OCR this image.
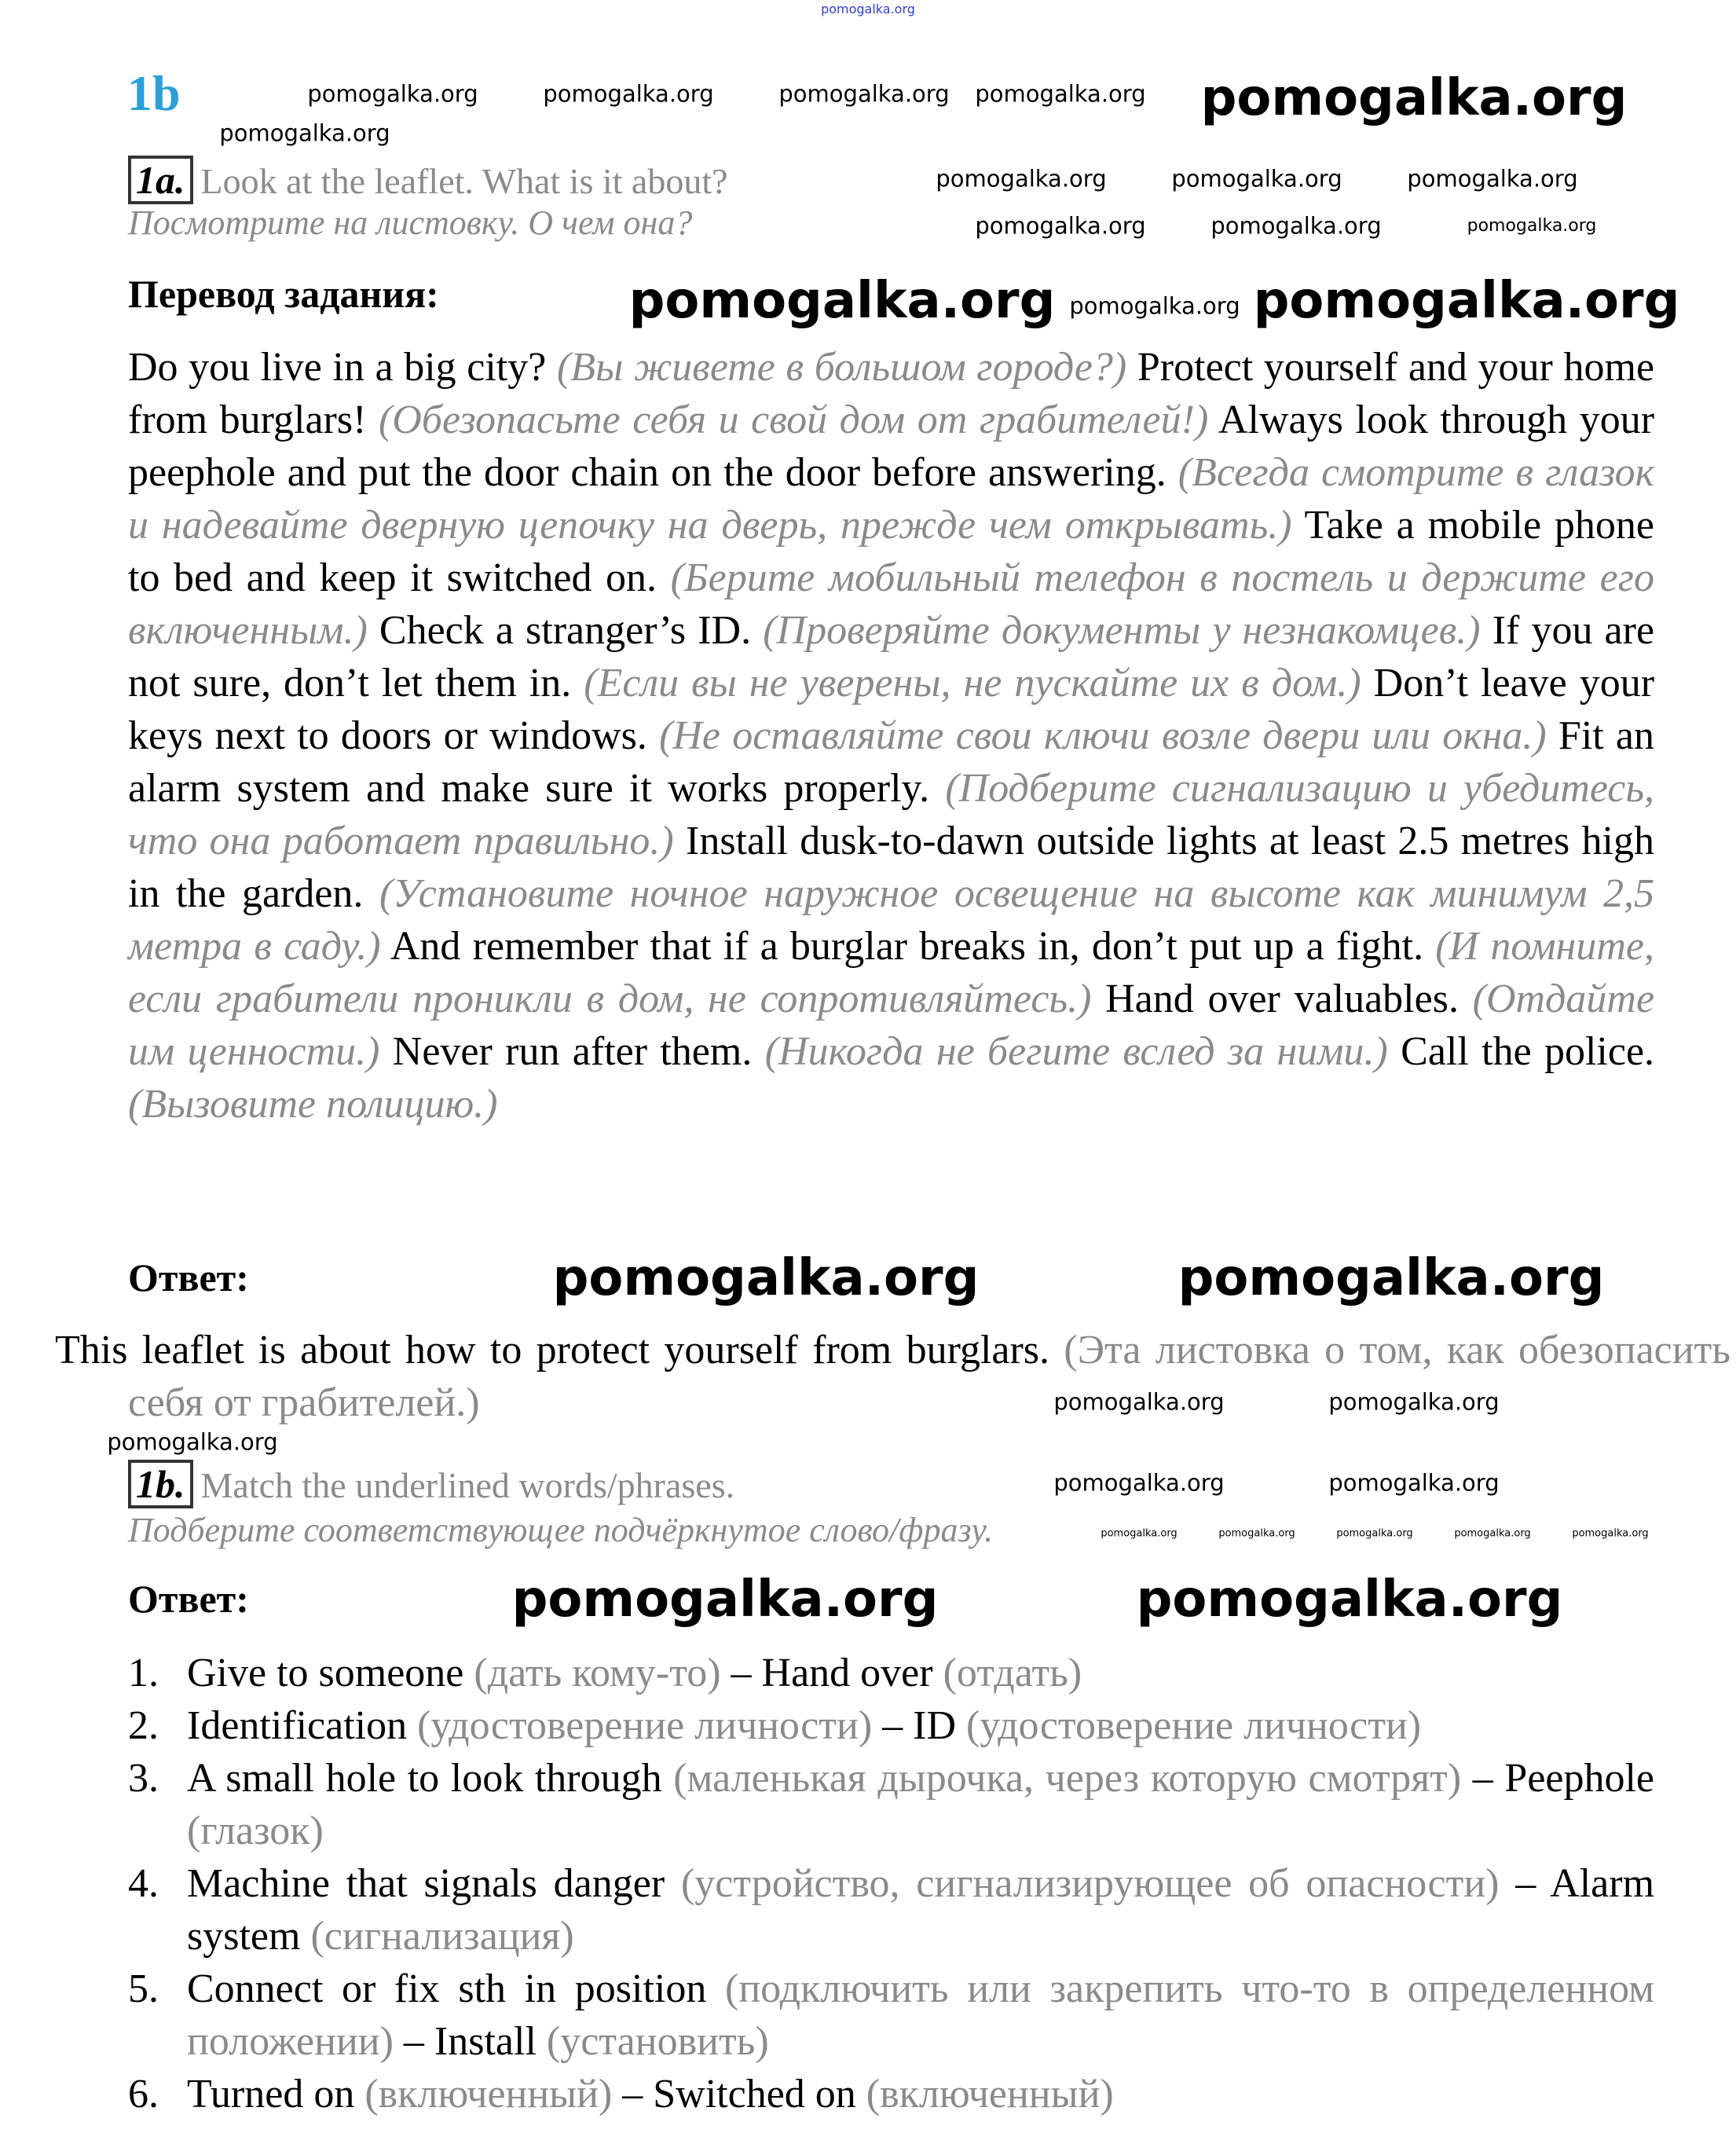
pomogalka.org
1b
1a. Look at the leaflet. What is it about?
Посмотрите на листовку. О чем она?
Перевод задания:
Do you live in a big city? (Вы живете в большом городе?) Protect yourself and your home from burglars! (Обезопасьте себя и свой дом от грабителей!) Always look through your peephole and put the door chain on the door before answering. (Всегда смотрите в глазок и надевайте дверную цепочку на дверь, прежде чем открывать.) Take a mobile phone to bed and keep it switched on. (Берите мобильный телефон в постель и держите его включенным.) Check a stranger’s ID. (Проверяйте документы у незнакомцев.) If you are not sure, don’t let them in. (Если вы не уверены, не пускайте их в дом.) Don’t leave your keys next to doors or windows. (Не оставляйте свои ключи возле двери или окна.) Fit an alarm system and make sure it works properly. (Подберите сигнализацию и убедитесь, что она работает правильно.) Install dusk-to-dawn outside lights at least 2.5 metres high in the garden. (Установите ночное наружное освещение на высоте как минимум 2,5 метра в саду.) And remember that if a burglar breaks in, don’t put up a fight. (И помните, если грабители проникли в дом, не сопротивляйтесь.) Hand over valuables. (Отдайте им ценности.) Never run after them. (Никогда не бегите вслед за ними.) Call the police. (Вызовите полицию.)
Ответ:
This leaflet is about how to protect yourself from burglars. (Эта листовка о том, как обезопасить себя от грабителей.)
1b. Match the underlined words/phrases.
Подберите соответствующее подчёркнутое слово/фразу.
Ответ:
1. Give to someone (дать кому-то) – Hand over (отдать)
2. Identification (удостоверение личности) – ID (удостоверение личности)
3. A small hole to look through (маленькая дырочка, через которую смотрят) – Peephole (глазок)
4. Machine that signals danger (устройство, сигнализирующее об опасности) – Alarm system (сигнализация)
5. Connect or fix sth in position (подключить или закрепить что-то в определенном положении) – Install (установить)
6. Turned on (включенный) – Switched on (включенный)
pomogalka.org	pomogalka.org	pomogalka.org pomogalka.org pomogalka.org
pomogalka.org
pomogalka.org	pomogalka.org	pomogalka.org
pomogalka.org	pomogalka.org	pomogalka.org
pomogalka.org pomogalka.org pomogalka.org
pomogalka.org	pomogalka.org
pomogalka.org	pomogalka.org
pomogalka.org
pomogalka.org	pomogalka.org
pomogalka.org	pomogalka.org	pomogalka.org	pomogalka.org	pomogalka.org
pomogalka.org	pomogalka.org
